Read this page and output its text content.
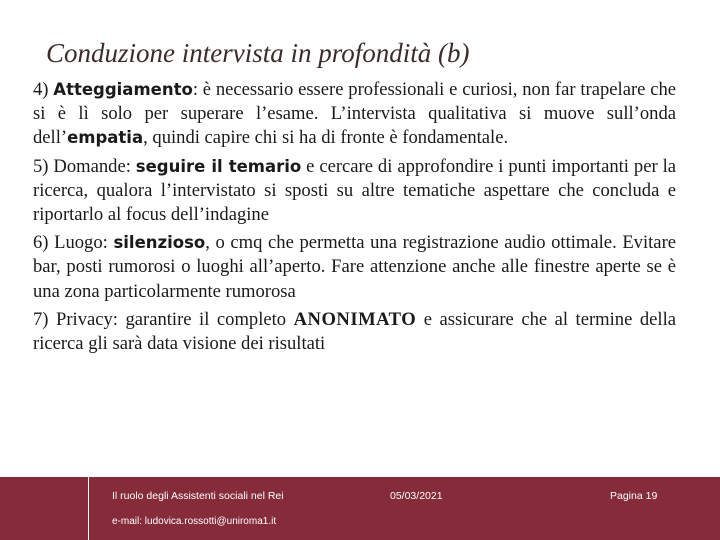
Conduzione intervista in profondità (b)

4) Atteggiamento: è necessario essere professionali e curiosi, non far trapelare che si è lì solo per superare l’esame. L’intervista qualitativa si muove sull’onda dell’empatia, quindi capire chi si ha di fronte è fondamentale.

5) Domande: seguire il temario e cercare di approfondire i punti importanti per la ricerca, qualora l’intervistato si sposti su altre tematiche aspettare che concluda e riportarlo al focus dell’indagine

6) Luogo: silenzioso, o cmq che permetta una registrazione audio ottimale. Evitare bar, posti rumorosi o luoghi all’aperto. Fare attenzione anche alle finestre aperte se è una zona particolarmente rumorosa

7) Privacy: garantire il completo ANONIMATO e assicurare che al termine della ricerca gli sarà data visione dei risultati

Il ruolo degli Assistenti sociali nel Rei
e-mail: ludovica.rossotti@uniroma1.it
05/03/2021	Pagina 19
